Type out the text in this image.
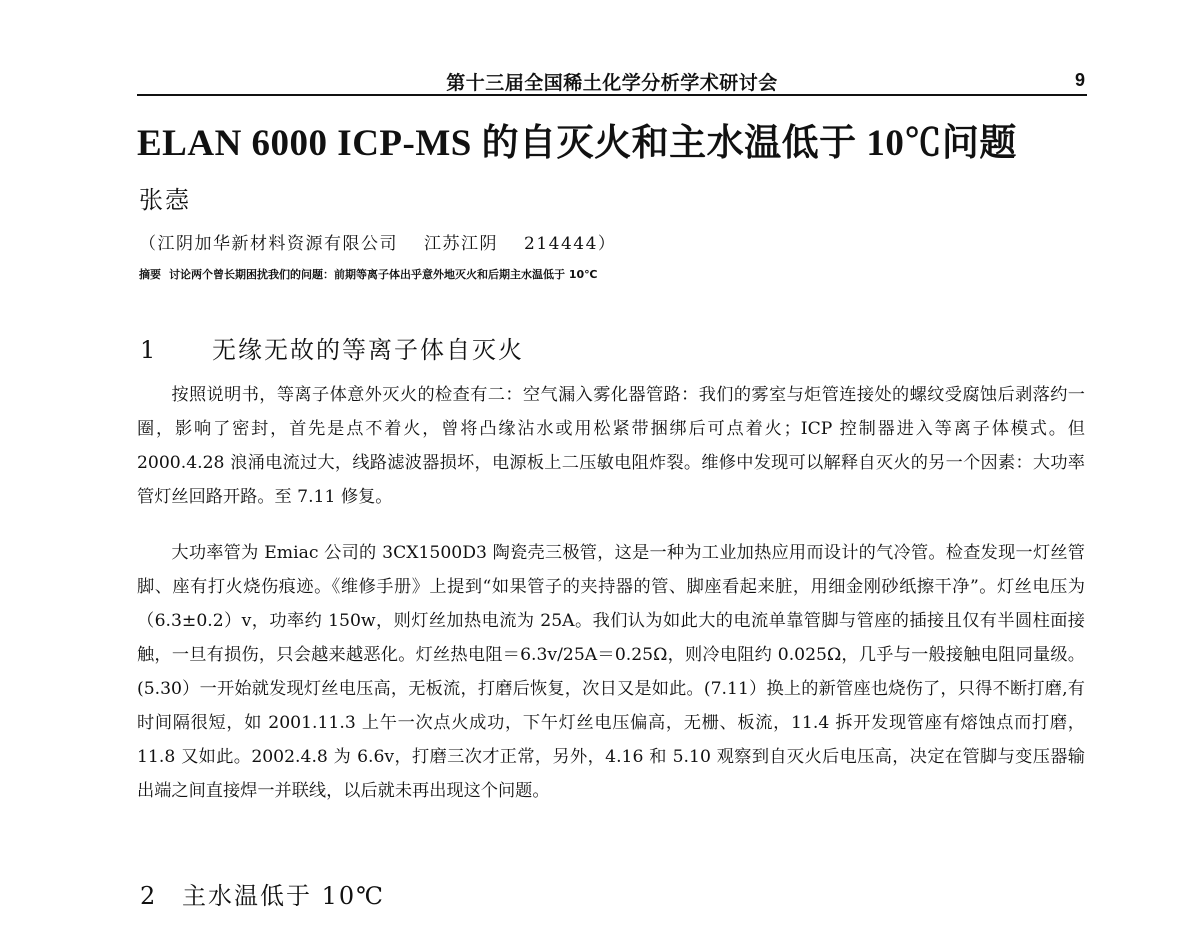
第十三届全国稀土化学分析学术研讨会	9
ELAN 6000 ICP-MS 的自灭火和主水温低于 10℃问题
张悫
（江阴加华新材料资源有限公司 江苏江阴 214444）
摘要 讨论两个曾长期困扰我们的问题：前期等离子体出乎意外地灭火和后期主水温低于 10℃
1 无缘无故的等离子体自灭火

按照说明书，等离子体意外灭火的检查有二：空气漏入雾化器管路：我们的雾室与炬管连接处的螺纹受腐蚀后剥落约一圈，影响了密封，首先是点不着火，曾将凸缘沾水或用松紧带捆绑后可点着火；ICP 控制器进入等离子体模式。但 2000.4.28 浪涌电流过大，线路滤波器损坏，电源板上二压敏电阻炸裂。维修中发现可以解释自灭火的另一个因素：大功率管灯丝回路开路。至 7.11 修复。

大功率管为 Emiac 公司的 3CX1500D3 陶瓷壳三极管，这是一种为工业加热应用而设计的气冷管。检查发现一灯丝管脚、座有打火烧伤痕迹。《维修手册》上提到“如果管子的夹持器的管、脚座看起来脏，用细金刚砂纸擦干净”。灯丝电压为（6.3±0.2）v，功率约 150w，则灯丝加热电流为 25A。我们认为如此大的电流单靠管脚与管座的插接且仅有半圆柱面接触，一旦有损伤，只会越来越恶化。灯丝热电阻＝6.3v/25A＝0.25Ω，则冷电阻约 0.025Ω，几乎与一般接触电阻同量级。(5.30）一开始就发现灯丝电压高，无板流，打磨后恢复，次日又是如此。(7.11）换上的新管座也烧伤了，只得不断打磨,有时间隔很短，如 2001.11.3 上午一次点火成功，下午灯丝电压偏高，无栅、板流，11.4 拆开发现管座有熔蚀点而打磨， 11.8 又如此。2002.4.8 为 6.6v，打磨三次才正常，另外，4.16 和 5.10 观察到自灭火后电压高，决定在管脚与变压器输出端之间直接焊一并联线，以后就未再出现这个问题。

2 主水温低于 10℃
